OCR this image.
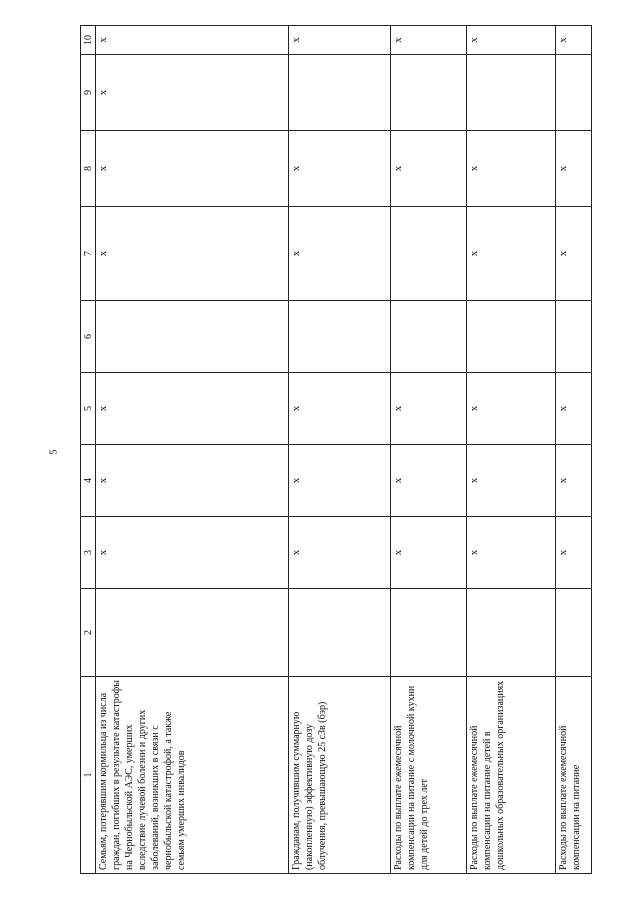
5
1	2	3	4	5	6	7	8	9	10
Семьям, потерявшим кормильца из числа граждан, погибших в результате катастрофы на Чернобыльской АЭС, умерших вследствие лучевой болезни и других заболеваний, возникших в связи с чернобыльской катастрофой, а также семьям умерших инвалидов		x	x	x		x	x	x	x
Гражданам, получившим суммарную (накопленную) эффективную дозу облучения, превышающую 25 сЗв (бэр)		x	x	x		x	x		x
Расходы по выплате ежемесячной компенсации на питание с молочной кухни для детей до трех лет		x	x	x			x		x
Расходы по выплате ежемесячной компенсации на питание детей в дошкольных образовательных организациях		x	x	x		x	x		x
Расходы по выплате ежемесячной компенсации на питание		x	x	x		x	x		x
